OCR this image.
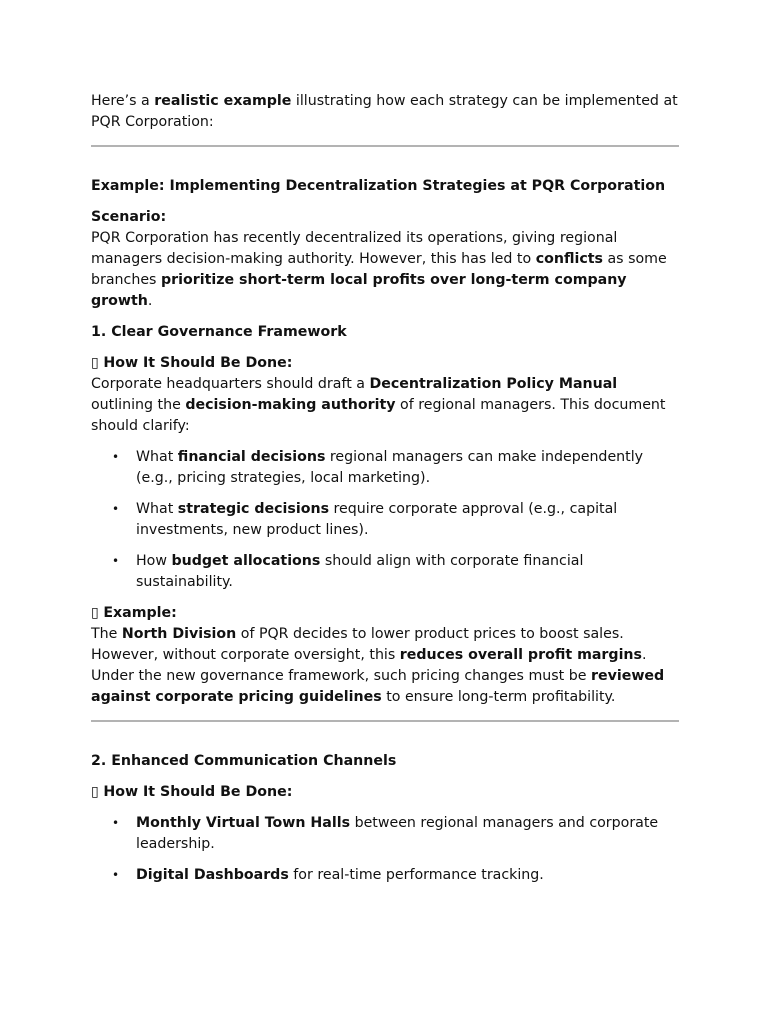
Here’s a realistic example illustrating how each strategy can be implemented at PQR Corporation:

Example: Implementing Decentralization Strategies at PQR Corporation

Scenario:

PQR Corporation has recently decentralized its operations, giving regional managers decision-making authority. However, this has led to conflicts as some branches prioritize short-term local profits over long-term company growth.

1. Clear Governance Framework

▯ How It Should Be Done:

Corporate headquarters should draft a Decentralization Policy Manual outlining the decision-making authority of regional managers. This document should clarify:

• What financial decisions regional managers can make independently (e.g., pricing strategies, local marketing).
• What strategic decisions require corporate approval (e.g., capital investments, new product lines).
• How budget allocations should align with corporate financial sustainability.

▯ Example:

The North Division of PQR decides to lower product prices to boost sales. However, without corporate oversight, this reduces overall profit margins. Under the new governance framework, such pricing changes must be reviewed against corporate pricing guidelines to ensure long-term profitability.

2. Enhanced Communication Channels

▯ How It Should Be Done:

• Monthly Virtual Town Halls between regional managers and corporate leadership.
• Digital Dashboards for real-time performance tracking.
